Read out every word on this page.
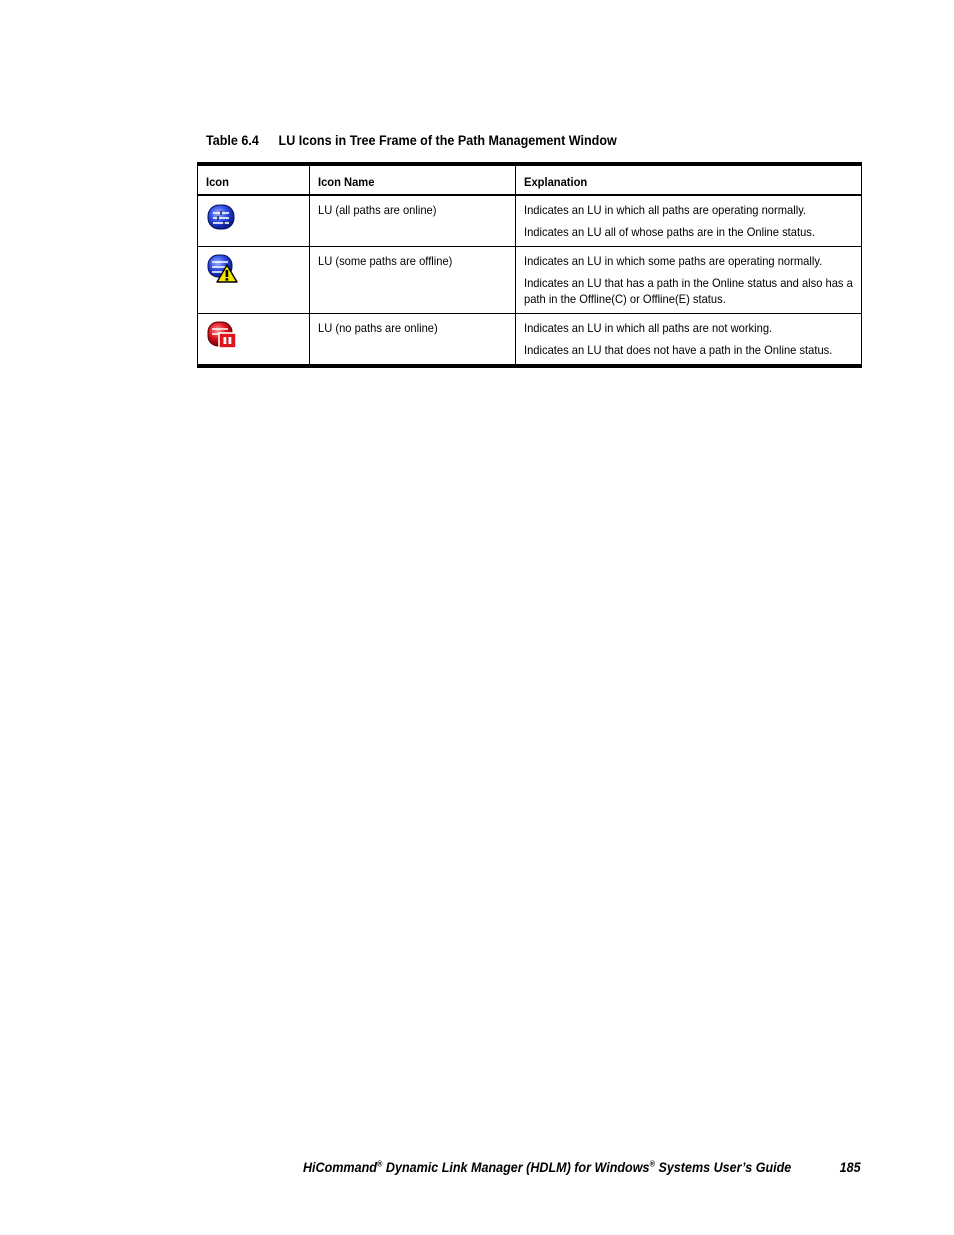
Table 6.4 LU Icons in Tree Frame of the Path Management Window
Icon	Icon Name	Explanation

	LU (all paths are online)	Indicates an LU in which all paths are operating normally.

Indicates an LU all of whose paths are in the Online status.

	LU (some paths are offline)	Indicates an LU in which some paths are operating normally.

Indicates an LU that has a path in the Online status and also has a path in the Offline(C) or Offline(E) status.

	LU (no paths are online)	Indicates an LU in which all paths are not working.

Indicates an LU that does not have a path in the Online status.

HiCommand® Dynamic Link Manager (HDLM) for Windows® Systems User’s Guide	185
